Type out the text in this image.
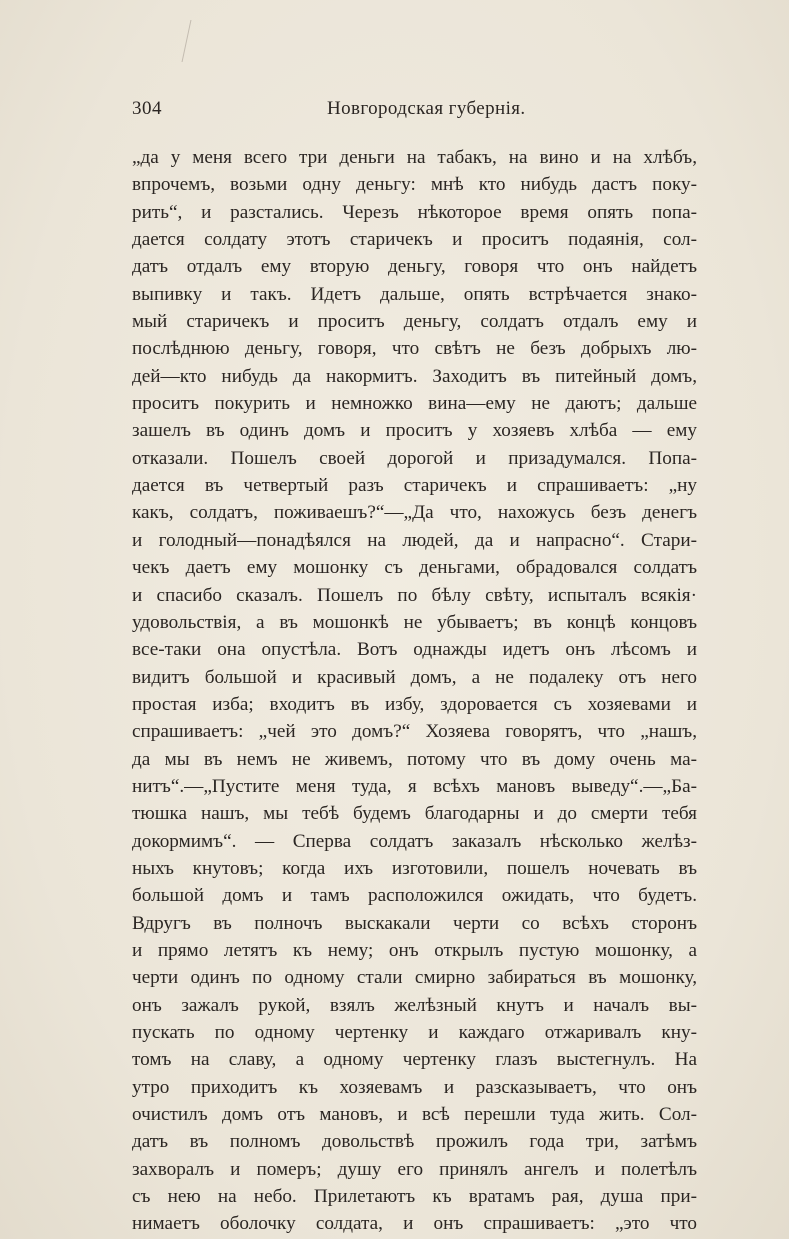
304	Новгородская губернія.
„да у меня всего три деньги на табакъ, на вино и на хлѣбъ,
впрочемъ, возьми одну деньгу: мнѣ кто нибудь дастъ поку-
рить“, и разстались. Черезъ нѣкоторое время опять попа-
дается солдату этотъ старичекъ и проситъ подаянія, сол-
датъ отдалъ ему вторую деньгу, говоря что онъ найдетъ
выпивку и такъ. Идетъ дальше, опять встрѣчается знако-
мый старичекъ и проситъ деньгу, солдатъ отдалъ ему и
послѣднюю деньгу, говоря, что свѣтъ не безъ добрыхъ лю-
дей—кто нибудь да накормитъ. Заходитъ въ питейный домъ,
проситъ покурить и немножко вина—ему не даютъ; дальше
зашелъ въ одинъ домъ и проситъ у хозяевъ хлѣба — ему
отказали. Пошелъ своей дорогой и призадумался. Попа-
дается въ четвертый разъ старичекъ и спрашиваетъ: „ну
какъ, солдатъ, поживаешъ?“—„Да что, нахожусь безъ денегъ
и голодный—понадѣялся на людей, да и напрасно“. Стари-
чекъ даетъ ему мошонку съ деньгами, обрадовался солдатъ
и спасибо сказалъ. Пошелъ по бѣлу свѣту, испыталъ всякія·
удовольствія, а въ мошонкѣ не убываетъ; въ концѣ концовъ
все-таки она опустѣла. Вотъ однажды идетъ онъ лѣсомъ и
видитъ большой и красивый домъ, а не подалеку отъ него
простая изба; входитъ въ избу, здоровается съ хозяевами и
спрашиваетъ: „чей это домъ?“ Хозяева говорятъ, что „нашъ,
да мы въ немъ не живемъ, потому что въ дому очень ма-
нитъ“.—„Пустите меня туда, я всѣхъ мановъ выведу“.—„Ба-
тюшка нашъ, мы тебѣ будемъ благодарны и до смерти тебя
докормимъ“. — Сперва солдатъ заказалъ нѣсколько желѣз-
ныхъ кнутовъ; когда ихъ изготовили, пошелъ ночевать въ
большой домъ и тамъ расположился ожидать, что будетъ.
Вдругъ въ полночъ выскакали черти со всѣхъ сторонъ
и прямо летятъ къ нему; онъ открылъ пустую мошонку, а
черти одинъ по одному стали смирно забираться въ мошонку,
онъ зажалъ рукой, взялъ желѣзный кнутъ и началъ вы-
пускать по одному чертенку и каждаго отжаривалъ кну-
томъ на славу, а одному чертенку глазъ выстегнулъ. На
утро приходитъ къ хозяевамъ и разсказываетъ, что онъ
очистилъ домъ отъ мановъ, и всѣ перешли туда жить. Сол-
датъ въ полномъ довольствѣ прожилъ года три, затѣмъ
захворалъ и померъ; душу его принялъ ангелъ и полетѣлъ
съ нею на небо. Прилетаютъ къ вратамъ рая, душа при-
нимаетъ оболочку солдата, и онъ спрашиваетъ: „это что
